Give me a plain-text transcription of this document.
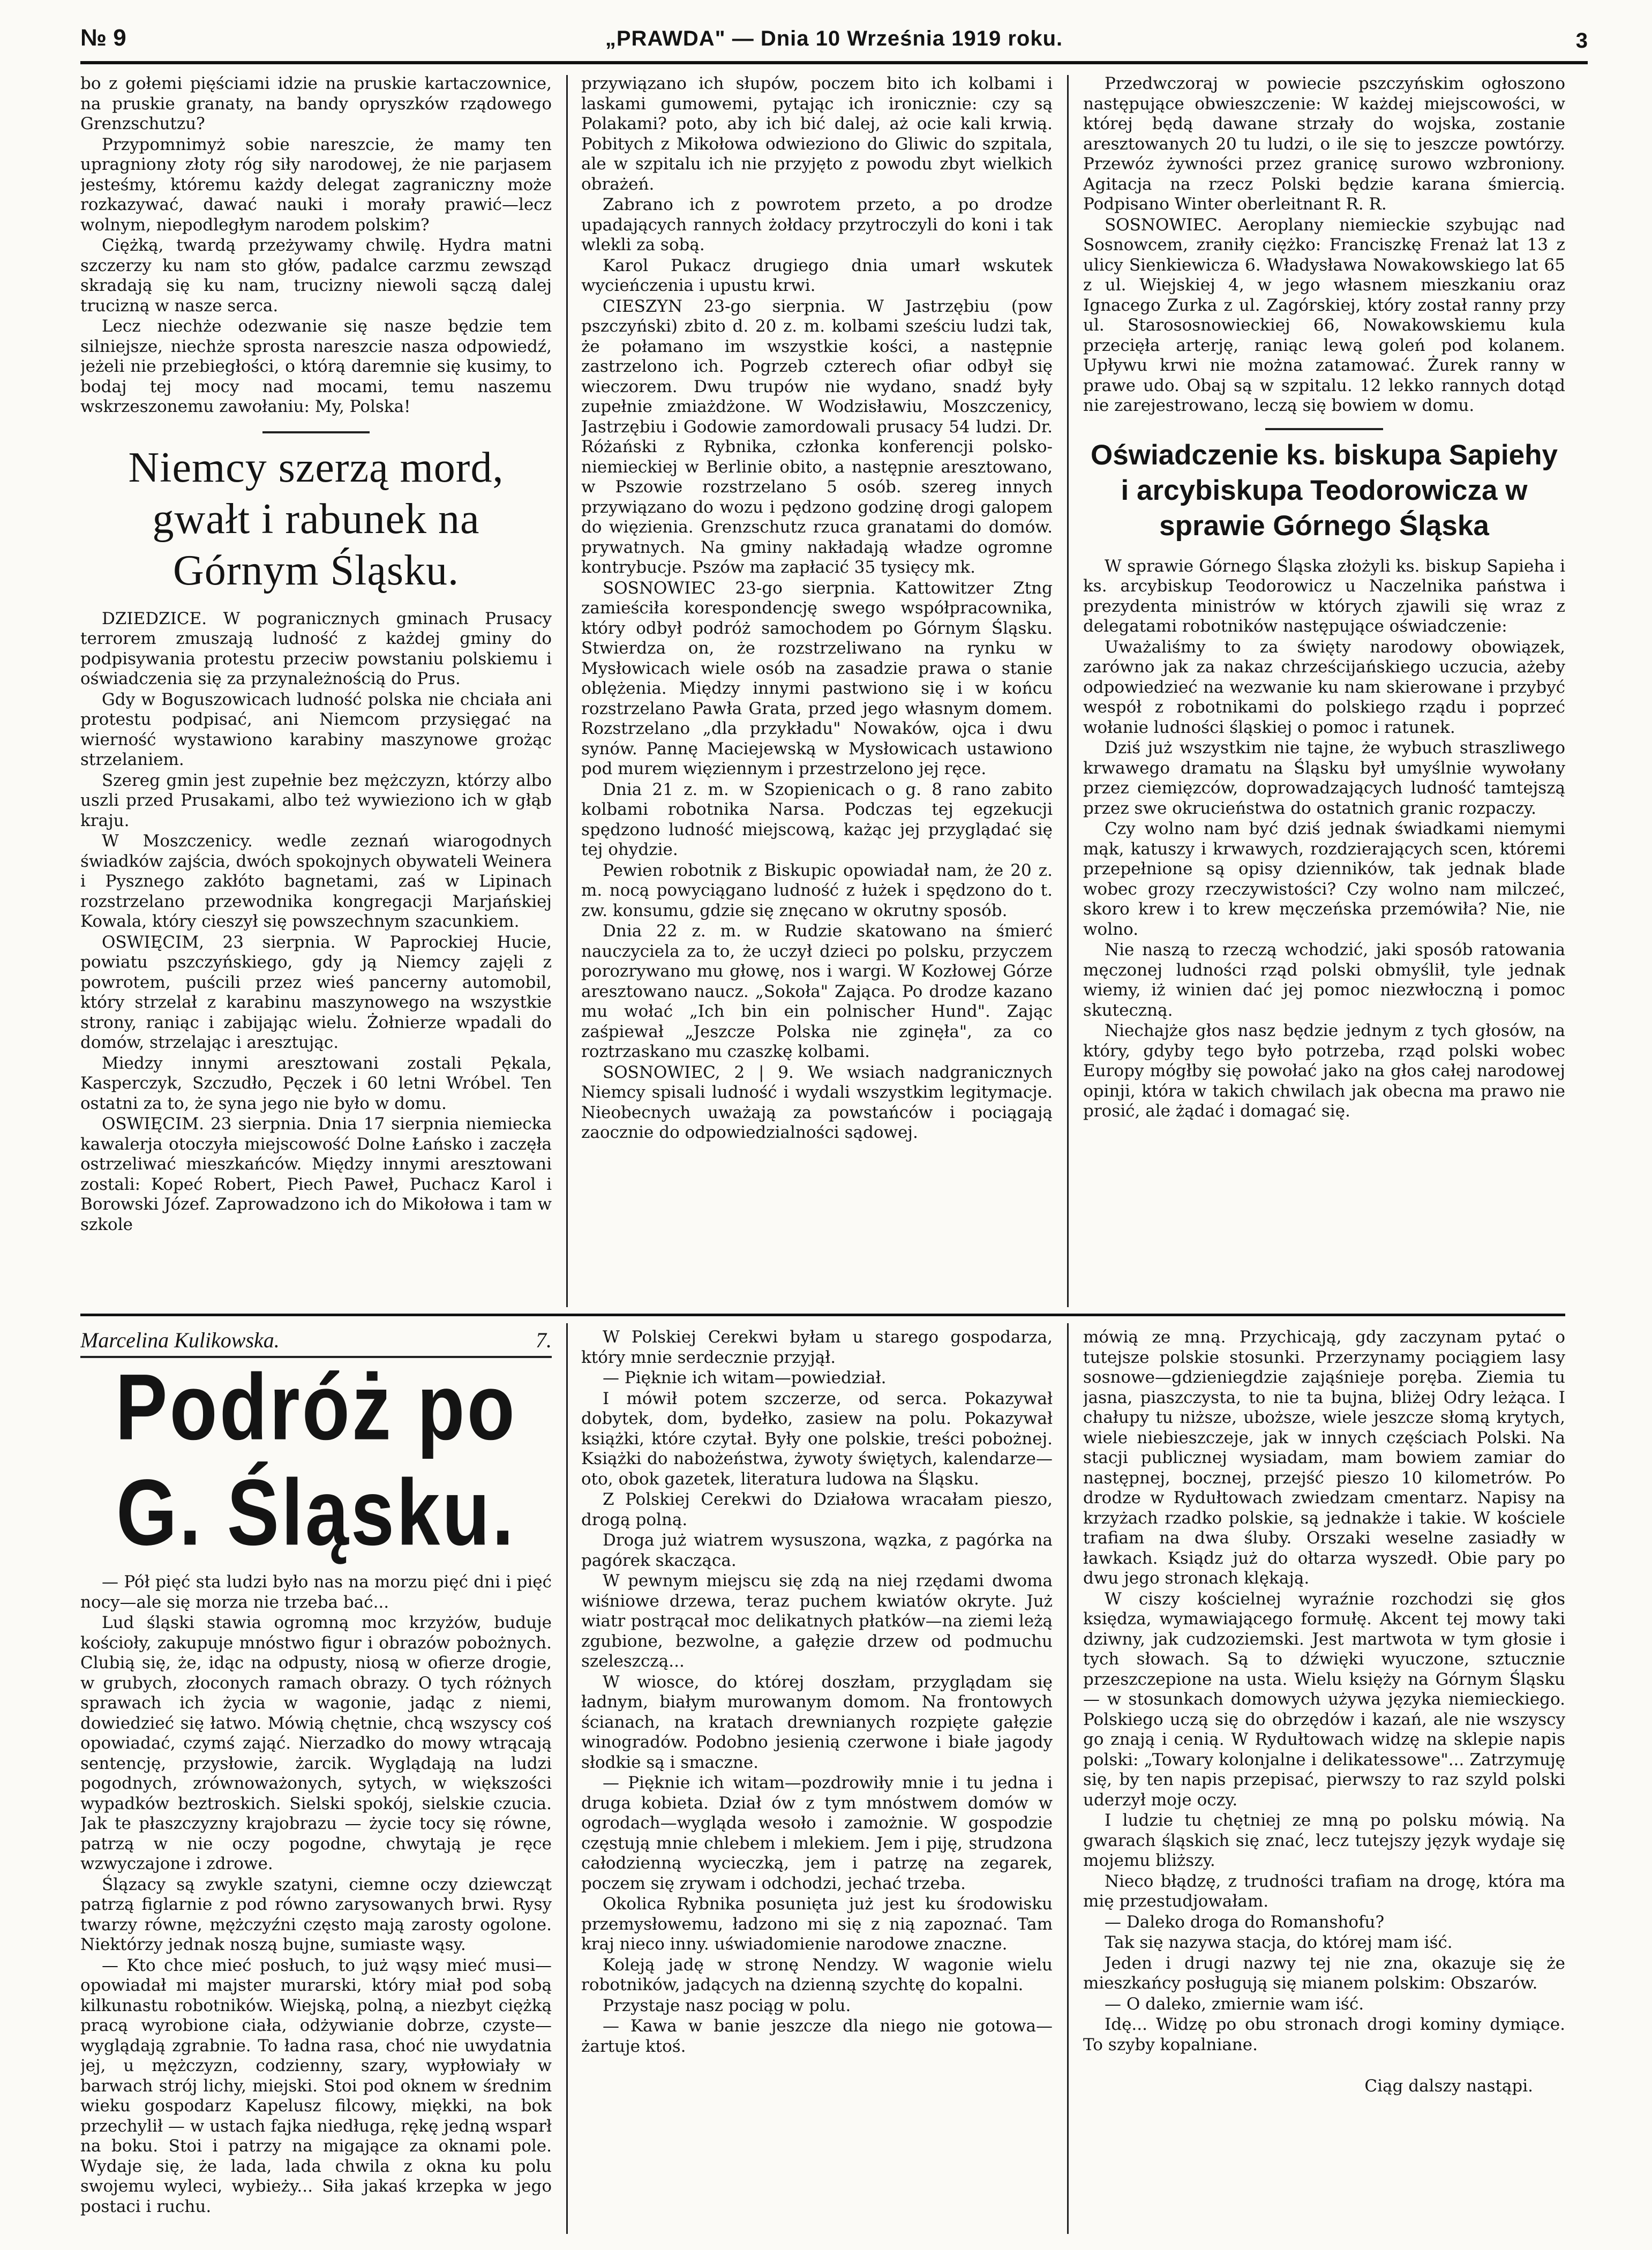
№ 9	„PRAWDA" — Dnia 10 Września 1919 roku.	3

bo z gołemi pięściami idzie na pruskie kartaczownice, na pruskie granaty, na bandy opryszków rządowego Grenzschutzu?

Przypomnimyż sobie nareszcie, że mamy ten upragniony złoty róg siły narodowej, że nie parjasem jesteśmy, któremu każdy delegat zagraniczny może rozkazywać, dawać nauki i morały prawić—lecz wolnym, niepodległym narodem polskim?

Ciężką, twardą przeżywamy chwilę. Hydra matni szczerzy ku nam sto głów, padalce carzmu zewsząd skradają się ku nam, trucizny niewoli sączą dalej trucizną w nasze serca.

Lecz niechże odezwanie się nasze będzie tem silniejsze, niechże sprosta nareszcie nasza odpowiedź, jeżeli nie przebiegłości, o którą daremnie się kusimy, to bodaj tej mocy nad mocami, temu naszemu wskrzeszonemu zawołaniu: My, Polska!

Niemcy szerzą mord, gwałt i rabunek na Górnym Śląsku.

DZIEDZICE. W pogranicznych gminach Prusacy terrorem zmuszają ludność z każdej gminy do podpisywania protestu przeciw powstaniu polskiemu i oświadczenia się za przynależnością do Prus.

Gdy w Boguszowicach ludność polska nie chciała ani protestu podpisać, ani Niemcom przysięgać na wierność wystawiono karabiny maszynowe grożąc strzelaniem.

Szereg gmin jest zupełnie bez mężczyzn, którzy albo uszli przed Prusakami, albo też wywieziono ich w głąb kraju.

W Moszczenicy. wedle zeznań wiarogodnych świadków zajścia, dwóch spokojnych obywateli Weinera i Pysznego zakłóto bagnetami, zaś w Lipinach rozstrzelano przewodnika kongregacji Marjańskiej Kowala, który cieszył się powszechnym szacunkiem.

OSWIĘCIM, 23 sierpnia. W Paprockiej Hucie, powiatu pszczyńskiego, gdy ją Niemcy zajęli z powrotem, puścili przez wieś pancerny automobil, który strzelał z karabinu maszynowego na wszystkie strony, raniąc i zabijając wielu. Żołnierze wpadali do domów, strzelając i aresztując.

Miedzy innymi aresztowani zostali Pękala, Kasperczyk, Szczudło, Pęczek i 60 letni Wróbel. Ten ostatni za to, że syna jego nie było w domu.

OSWIĘCIM. 23 sierpnia. Dnia 17 sierpnia niemiecka kawalerja otoczyła miejscowość Dolne Łańsko i zaczęła ostrzeliwać mieszkańców. Między innymi aresztowani zostali: Kopeć Robert, Piech Paweł, Puchacz Karol i Borowski Józef. Zaprowadzono ich do Mikołowa i tam w szkole

przywiązano ich słupów, poczem bito ich kolbami i laskami gumowemi, pytając ich ironicznie: czy są Polakami? poto, aby ich bić dalej, aż ocie kali krwią. Pobitych z Mikołowa odwieziono do Gliwic do szpitala, ale w szpitalu ich nie przyjęto z powodu zbyt wielkich obrażeń.

Zabrano ich z powrotem przeto, a po drodze upadających rannych żołdacy przytroczyli do koni i tak wlekli za sobą.

Karol Pukacz drugiego dnia umarł wskutek wycieńczenia i upustu krwi.

CIESZYN 23-go sierpnia. W Jastrzębiu (pow pszczyński) zbito d. 20 z. m. kolbami sześciu ludzi tak, że połamano im wszystkie kości, a następnie zastrzelono ich. Pogrzeb czterech ofiar odbył się wieczorem. Dwu trupów nie wydano, snadź były zupełnie zmiażdżone. W Wodzisławiu, Moszczenicy, Jastrzębiu i Godowie zamordowali prusacy 54 ludzi. Dr. Różański z Rybnika, członka konferencji polsko-niemieckiej w Berlinie obito, a następnie aresztowano, w Pszowie rozstrzelano 5 osób. szereg innych przywiązano do wozu i pędzono godzinę drogi galopem do więzienia. Grenzschutz rzuca granatami do domów. prywatnych. Na gminy nakładają władze ogromne kontrybucje. Pszów ma zapłacić 35 tysięcy mk.

SOSNOWIEC 23-go sierpnia. Kattowitzer Ztng zamieściła korespondencję swego współpracownika, który odbył podróż samochodem po Górnym Śląsku. Stwierdza on, że rozstrzeliwano na rynku w Mysłowicach wiele osób na zasadzie prawa o stanie oblężenia. Między innymi pastwiono się i w końcu rozstrzelano Pawła Grata, przed jego własnym domem. Rozstrzelano „dla przykładu" Nowaków, ojca i dwu synów. Pannę Maciejewską w Mysłowicach ustawiono pod murem więziennym i przestrzelono jej ręce.

Dnia 21 z. m. w Szopienicach o g. 8 rano zabito kolbami robotnika Narsa. Podczas tej egzekucji spędzono ludność miejscową, każąc jej przyglądać się tej ohydzie.

Pewien robotnik z Biskupic opowiadał nam, że 20 z. m. nocą powyciągano ludność z łużek i spędzono do t. zw. konsumu, gdzie się znęcano w okrutny sposób.

Dnia 22 z. m. w Rudzie skatowano na śmierć nauczyciela za to, że uczył dzieci po polsku, przyczem porozrywano mu głowę, nos i wargi. W Kozłowej Górze aresztowano naucz. „Sokoła" Zająca. Po drodze kazano mu wołać „Ich bin ein polnischer Hund". Zając zaśpiewał „Jeszcze Polska nie zginęła", za co roztrzaskano mu czaszkę kolbami.

SOSNOWIEC, 2 | 9. We wsiach nadgranicznych Niemcy spisali ludność i wydali wszystkim legitymacje. Nieobecnych uważają za powstańców i pociągają zaocznie do odpowiedzialności sądowej.

Przedwczoraj w powiecie pszczyńskim ogłoszono następujące obwieszczenie: W każdej miejscowości, w której będą dawane strzały do wojska, zostanie aresztowanych 20 tu ludzi, o ile się to jeszcze powtórzy. Przewóz żywności przez granicę surowo wzbroniony. Agitacja na rzecz Polski będzie karana śmiercią. Podpisano Winter oberleitnant R. R.

SOSNOWIEC. Aeroplany niemieckie szybując nad Sosnowcem, zraniły ciężko: Franciszkę Frenaż lat 13 z ulicy Sienkiewicza 6. Władysława Nowakowskiego lat 65 z ul. Wiejskiej 4, w jego własnem mieszkaniu oraz Ignacego Zurka z ul. Zagórskiej, który został ranny przy ul. Starososnowieckiej 66, Nowakowskiemu kula przecięła arterję, raniąc lewą goleń pod kolanem. Upływu krwi nie można zatamować. Żurek ranny w prawe udo. Obaj są w szpitalu. 12 lekko rannych dotąd nie zarejestrowano, leczą się bowiem w domu.

Oświadczenie ks. biskupa Sapiehy i arcybiskupa Teodorowicza w sprawie Górnego Śląska

W sprawie Górnego Śląska złożyli ks. biskup Sapieha i ks. arcybiskup Teodorowicz u Naczelnika państwa i prezydenta ministrów w których zjawili się wraz z delegatami robotników następujące oświadczenie:

Uważaliśmy to za święty narodowy obowiązek, zarówno jak za nakaz chrześcijańskiego uczucia, ażeby odpowiedzieć na wezwanie ku nam skierowane i przybyć wespół z robotnikami do polskiego rządu i poprzeć wołanie ludności śląskiej o pomoc i ratunek.

Dziś już wszystkim nie tajne, że wybuch straszliwego krwawego dramatu na Śląsku był umyślnie wywołany przez ciemięzców, doprowadzających ludność tamtejszą przez swe okrucieństwa do ostatnich granic rozpaczy.

Czy wolno nam być dziś jednak świadkami niemymi mąk, katuszy i krwawych, rozdzierających scen, któremi przepełnione są opisy dzienników, tak jednak blade wobec grozy rzeczywistości? Czy wolno nam milczeć, skoro krew i to krew męczeńska przemówiła? Nie, nie wolno.

Nie naszą to rzeczą wchodzić, jaki sposób ratowania męczonej ludności rząd polski obmyślił, tyle jednak wiemy, iż winien dać jej pomoc niezwłoczną i pomoc skuteczną.

Niechajże głos nasz będzie jednym z tych głosów, na który, gdyby tego było potrzeba, rząd polski wobec Europy mógłby się powołać jako na głos całej narodowej opinji, która w takich chwilach jak obecna ma prawo nie prosić, ale żądać i domagać się.

Marcelina Kulikowska.	7.
Podróż po G. Śląsku.

— Pół pięć sta ludzi było nas na morzu pięć dni i pięć nocy—ale się morza nie trzeba bać...

Lud śląski stawia ogromną moc krzyżów, buduje kościoły, zakupuje mnóstwo figur i obrazów pobożnych. Clubią się, że, idąc na odpusty, niosą w ofierze drogie, w grubych, złoconych ramach obrazy. O tych różnych sprawach ich życia w wagonie, jadąc z niemi, dowiedzieć się łatwo. Mówią chętnie, chcą wszyscy coś opowiadać, czymś zająć. Nierzadko do mowy wtrącają sentencję, przysłowie, żarcik. Wyglądają na ludzi pogodnych, zrównoważonych, sytych, w większości wypadków beztroskich. Sielski spokój, sielskie czucia. Jak te płaszczyzny krajobrazu — życie tocy się równe, patrzą w nie oczy pogodne, chwytają je ręce wzwyczajone i zdrowe.

Ślązacy są zwykle szatyni, ciemne oczy dziewcząt patrzą figlarnie z pod równo zarysowanych brwi. Rysy twarzy równe, mężczyźni często mają zarosty ogolone. Niektórzy jednak noszą bujne, sumiaste wąsy.

— Kto chce mieć posłuch, to już wąsy mieć musi—opowiadał mi majster murarski, który miał pod sobą kilkunastu robotników. Wiejską, polną, a niezbyt ciężką pracą wyrobione ciała, odżywianie dobrze, czyste—wyglądają zgrabnie. To ładna rasa, choć nie uwydatnia jej, u mężczyzn, codzienny, szary, wypłowiały w barwach strój lichy, miejski. Stoi pod oknem w średnim wieku gospodarz Kapelusz filcowy, miękki, na bok przechylił — w ustach fajka niedługa, rękę jedną wsparł na boku. Stoi i patrzy na migające za oknami pole. Wydaje się, że lada, lada chwila z okna ku polu swojemu wyleci, wybieży... Siła jakaś krzepka w jego postaci i ruchu.

W Polskiej Cerekwi byłam u starego gospodarza, który mnie serdecznie przyjął.

— Pięknie ich witam—powiedział.

I mówił potem szczerze, od serca. Pokazywał dobytek, dom, bydełko, zasiew na polu. Pokazywał książki, które czytał. Były one polskie, treści pobożnej. Książki do nabożeństwa, żywoty świętych, kalendarze—oto, obok gazetek, literatura ludowa na Śląsku.

Z Polskiej Cerekwi do Działowa wracałam pieszo, drogą polną.

Droga już wiatrem wysuszona, wązka, z pagórka na pagórek skacząca.

W pewnym miejscu się zdą na niej rzędami dwoma wiśniowe drzewa, teraz puchem kwiatów okryte. Już wiatr postrącał moc delikatnych płatków—na ziemi leżą zgubione, bezwolne, a gałęzie drzew od podmuchu szeleszczą...

W wiosce, do której doszłam, przyglądam się ładnym, białym murowanym domom. Na frontowych ścianach, na kratach drewnianych rozpięte gałęzie winogradów. Podobno jesienią czerwone i białe jagody słodkie są i smaczne.

— Pięknie ich witam—pozdrowiły mnie i tu jedna i druga kobieta. Dział ów z tym mnóstwem domów w ogrodach—wygląda wesoło i zamożnie. W gospodzie częstują mnie chlebem i mlekiem. Jem i piję, strudzona całodzienną wycieczką, jem i patrzę na zegarek, poczem się zrywam i odchodzi, jechać trzeba.

Okolica Rybnika posunięta już jest ku środowisku przemysłowemu, ładzono mi się z nią zapoznać. Tam kraj nieco inny. uświadomienie narodowe znaczne.

Koleją jadę w stronę Nendzy. W wagonie wielu robotników, jadących na dzienną szychtę do kopalni.

Przystaje nasz pociąg w polu.

— Kawa w banie jeszcze dla niego nie gotowa—żartuje ktoś.

mówią ze mną. Przychicają, gdy zaczynam pytać o tutejsze polskie stosunki. Przerzynamy pociągiem lasy sosnowe—gdzieniegdzie zająśnieje poręba. Ziemia tu jasna, piaszczysta, to nie ta bujna, bliżej Odry leżąca. I chałupy tu niższe, uboższe, wiele jeszcze słomą krytych, wiele niebieszczeje, jak w innych częściach Polski. Na stacji publicznej wysiadam, mam bowiem zamiar do następnej, bocznej, przejść pieszo 10 kilometrów. Po drodze w Rydułtowach zwiedzam cmentarz. Napisy na krzyżach rzadko polskie, są jednakże i takie. W kościele trafiam na dwa śluby. Orszaki weselne zasiadły w ławkach. Ksiądz już do ołtarza wyszedł. Obie pary po dwu jego stronach klękają.

W ciszy kościelnej wyraźnie rozchodzi się głos księdza, wymawiającego formułę. Akcent tej mowy taki dziwny, jak cudzoziemski. Jest martwota w tym głosie i tych słowach. Są to dźwięki wyuczone, sztucznie przeszczepione na usta. Wielu księży na Górnym Śląsku — w stosunkach domowych używa języka niemieckiego. Polskiego uczą się do obrzędów i kazań, ale nie wszyscy go znają i cenią. W Rydułtowach widzę na sklepie napis polski: „Towary kolonjalne i delikatessowe"... Zatrzymuję się, by ten napis przepisać, pierwszy to raz szyld polski uderzył moje oczy.

I ludzie tu chętniej ze mną po polsku mówią. Na gwarach śląskich się znać, lecz tutejszy język wydaje się mojemu bliższy.

Nieco błądzę, z trudności trafiam na drogę, która ma mię przestudjowałam.

— Daleko droga do Romanshofu?

Tak się nazywa stacja, do której mam iść.

Jeden i drugi nazwy tej nie zna, okazuje się że mieszkańcy posługują się mianem polskim: Obszarów.

— O daleko, zmiernie wam iść.

Idę... Widzę po obu stronach drogi kominy dymiące. To szyby kopalniane.

Ciąg dalszy nastąpi.
